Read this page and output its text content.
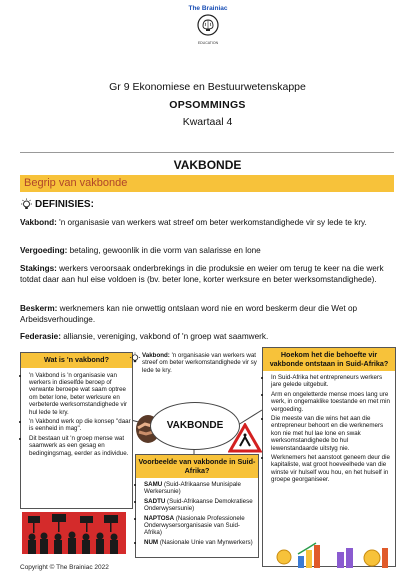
The Brainiac
EDUCATION
Gr 9 Ekonomiese en Bestuurwetenskappe
OPSOMMINGS
Kwartaal 4
VAKBONDE
Begrip van vakbonde
DEFINISIES:
Vakbond: 'n organisasie van werkers wat streef om beter werkomstandighede vir sy lede te kry.
Vergoeding: betaling, gewoonlik in die vorm van salarisse en lone
Stakings: werkers veroorsaak onderbrekings in die produksie en weier om terug te keer na die werk totdat daar aan hul eise voldoen is (bv. beter lone, korter werksure en beter werksomstandighede).
Beskerm: werknemers kan nie onwettig ontslaan word nie en word beskerm deur die Wet op Arbeidsverhoudinge.
Federasie: alliansie, vereniging, vakbond of 'n groep wat saamwerk.
Wat is 'n vakbond?
• 'n Vakbond is 'n organisasie van werkers in dieselfde beroep of verwante beroepe wat saam optree om beter lone, beter werksure en verbeterde werksomstandighede vir hul lede te kry.
• 'n Vakbond werk op die konsep "daar is eenheid in mag".
• Dit bestaan uit 'n groep mense wat saamwerk as een gesag en bedingingsmag, eerder as individue.
Vakbond: 'n organisasie van werkers wat streef om beter werkomstandighede vir sy lede te kry.
VAKBONDE
Hoekom het die behoefte vir vakbonde ontstaan in Suid-Afrika?
• In Suid-Afrika het entrepreneurs werkers jare gelede uitgebuit.
• Arm en ongeletterde mense moes lang ure werk, in ongemaklike toestande en met min vergoeding.
• Die meeste van die wins het aan die entrepreneur behoort en die werknemers kon nie met hul lae lone en swak werksomstandighede bo hul lewenstandaarde uitstyg nie.
• Werknemers het aanstoot geneem deur die kapitaliste, wat groot hoeveelhede van die winste vir hulself wou hou, en het hulself in groepe georganiseer.
Voorbeelde van vakbonde in Suid-Afrika?
• SAMU (Suid-Afrikaanse Munisipale Werkersunie)
• SADTU (Suid-Afrikaanse Demokratiese Onderwysersunie)
• NAPTOSA (Nasionale Professionele Onderwysersorganisasie van Suid-Afrika)
• NUM (Nasionale Unie van Mynwerkers)
Copyright © The Brainiac 2022
